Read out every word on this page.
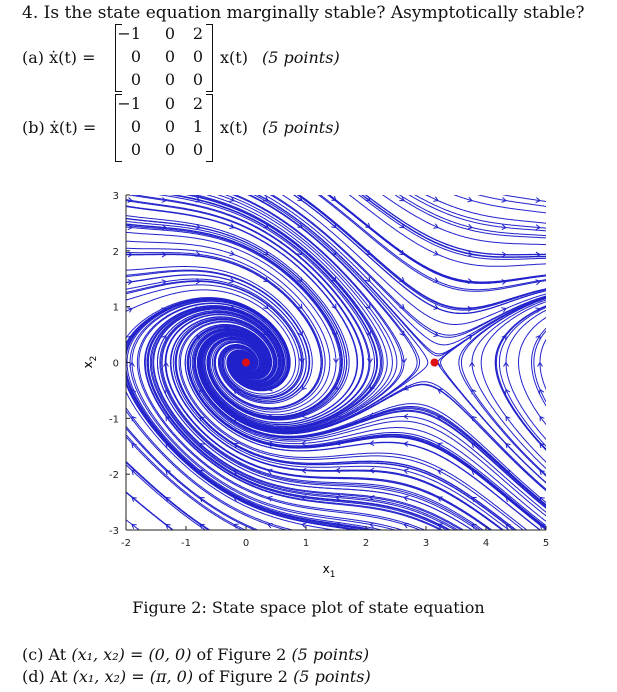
4. Is the state equation marginally stable? Asymptotically stable?
(a) ẋ(t) =
−1	0	2
0	0	0
0	0	0
x(t) (5 points)
(b) ẋ(t) =
−1	0	2
0	0	1
0	0	0
x(t) (5 points)
-2	-1	0	1	2	3	4	5
-3
-2
-1
0
1
2
3
$x_1$
$x_2$
Figure 2: State space plot of state equation
(c) At (x₁, x₂) = (0, 0) of Figure 2 (5 points)
(d) At (x₁, x₂) = (π, 0) of Figure 2 (5 points)
